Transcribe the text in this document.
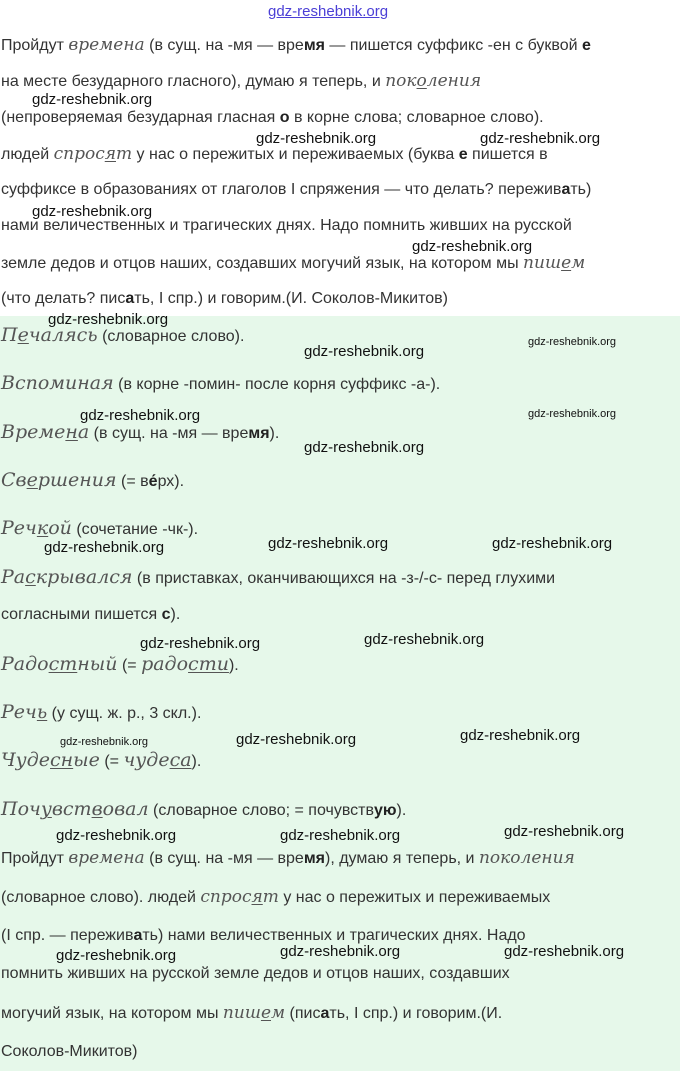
gdz-reshebnik.org
Пройдут времена (в сущ. на -мя — время — пишется суффикс -ен с буквой е
на месте безударного гласного), думаю я теперь, и поколения
(непроверяемая безударная гласная о в корне слова; словарное слово).
людей спросят у нас о пережитых и переживаемых (буква е пишется в
суффиксе в образованиях от глаголов I спряжения — что делать? переживать)
нами величественных и трагических днях. Надо помнить живших на русской
земле дедов и отцов наших, создавших могучий язык, на котором мы пишем
(что делать? писать, I спр.) и говорим.(И. Соколов-Микитов)
Печалясь (словарное слово).
Вспоминая (в корне -помин- после корня суффикс -а-).
Времена (в сущ. на -мя — время).
Свершения (= ве́рх).
Речкой (сочетание -чк-).
Раскрывался (в приставках, оканчивающихся на -з-/-с- перед глухими
согласными пишется с).
Радостный (= радости).
Речь (у сущ. ж. р., 3 скл.).
Чудесные (= чудеса).
Почувствовал (словарное слово; = почувствую).
Пройдут времена (в сущ. на -мя — время), думаю я теперь, и поколения
(словарное слово). людей спросят у нас о пережитых и переживаемых
(I спр. — переживать) нами величественных и трагических днях. Надо
помнить живших на русской земле дедов и отцов наших, создавших
могучий язык, на котором мы пишем (писать, I спр.) и говорим.(И.
Соколов-Микитов)
gdz-reshebnik.org
gdz-reshebnik.org	gdz-reshebnik.org
gdz-reshebnik.org
gdz-reshebnik.org
gdz-reshebnik.org
gdz-reshebnik.org
gdz-reshebnik.org
gdz-reshebnik.org	gdz-reshebnik.org
gdz-reshebnik.org
gdz-reshebnik.org	gdz-reshebnik.org	gdz-reshebnik.org
gdz-reshebnik.org	gdz-reshebnik.org
gdz-reshebnik.org	gdz-reshebnik.org	gdz-reshebnik.org
gdz-reshebnik.org	gdz-reshebnik.org	gdz-reshebnik.org
gdz-reshebnik.org	gdz-reshebnik.org	gdz-reshebnik.org
